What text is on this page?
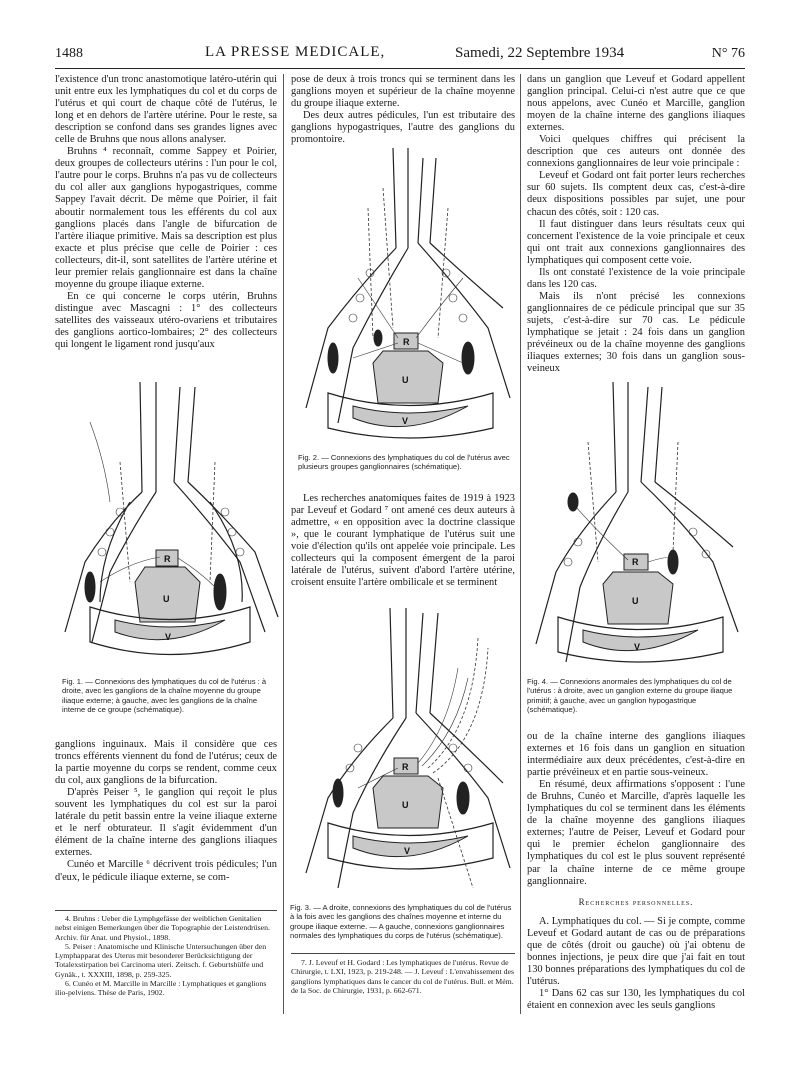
1488	LA PRESSE MEDICALE,	Samedi, 22 Septembre 1934	N° 76

l'existence d'un tronc anastomotique latéro-utérin qui unit entre eux les lymphatiques du col et du corps de l'utérus et qui court de chaque côté de l'utérus, le long et en dehors de l'artère utérine. Pour le reste, sa description se confond dans ses grandes lignes avec celle de Bruhns que nous allons analyser.

Bruhns ⁴ reconnaît, comme Sappey et Poirier, deux groupes de collecteurs utérins : l'un pour le col, l'autre pour le corps. Bruhns n'a pas vu de collecteurs du col aller aux ganglions hypogastriques, comme Sappey l'avait décrit. De même que Poirier, il fait aboutir normalement tous les efférents du col aux ganglions placés dans l'angle de bifurcation de l'artère iliaque primitive. Mais sa description est plus exacte et plus précise que celle de Poirier : ces collecteurs, dit-il, sont satellites de l'artère utérine et leur premier relais ganglionnaire est dans la chaîne moyenne du groupe iliaque externe.

En ce qui concerne le corps utérin, Bruhns distingue avec Mascagni : 1° des collecteurs satellites des vaisseaux utéro-ovariens et tributaires des ganglions aortico-lombaires; 2° des collecteurs qui longent le ligament rond jusqu'aux

R
U
V
Fig. 1. — Connexions des lymphatiques du col de l'utérus : à droite, avec les ganglions de la chaîne moyenne du groupe iliaque externe; à gauche, avec les ganglions de la chaîne interne de ce groupe (schématique).

ganglions inguinaux. Mais il considère que ces troncs efférents viennent du fond de l'utérus; ceux de la partie moyenne du corps se rendent, comme ceux du col, aux ganglions de la bifurcation.

D'après Peiser ⁵, le ganglion qui reçoit le plus souvent les lymphatiques du col est sur la paroi latérale du petit bassin entre la veine iliaque externe et le nerf obturateur. Il s'agit évidemment d'un élément de la chaîne interne des ganglions iliaques externes.

Cunéo et Marcille ⁶ décrivent trois pédicules; l'un d'eux, le pédicule iliaque externe, se com-

4. Bruhns : Ueber die Lymphgefässe der weiblichen Genitalien nebst einigen Bemerkungen über die Topographie der Leistendrüsen. Archiv. für Anat. und Physiol., 1898.

5. Peiser : Anatomische und Klinische Untersuchungen über den Lymphapparat des Uterus mit besonderer Berücksichtigung der Totalexstirpation bei Carcinoma uteri. Zeitsch. f. Geburtshülfe und Gynäk., t. XXXIII, 1898, p. 259-325.

6. Cunéo et M. Marcille in Marcille : Lymphatiques et ganglions ilio-pelviens. Thèse de Paris, 1902.

pose de deux à trois troncs qui se terminent dans les ganglions moyen et supérieur de la chaîne moyenne du groupe iliaque externe.

Des deux autres pédicules, l'un est tributaire des ganglions hypogastriques, l'autre des ganglions du promontoire.

R
U
V
Fig. 2. — Connexions des lymphatiques du col de l'utérus avec plusieurs groupes ganglionnaires (schématique).

Les recherches anatomiques faites de 1919 à 1923 par Leveuf et Godard ⁷ ont amené ces deux auteurs à admettre, « en opposition avec la doctrine classique », que le courant lymphatique de l'utérus suit une voie d'élection qu'ils ont appelée voie principale. Les collecteurs qui la composent émergent de la paroi latérale de l'utérus, suivent d'abord l'artère utérine, croisent ensuite l'artère ombilicale et se terminent

R
U
V
Fig. 3. — A droite, connexions des lymphatiques du col de l'utérus à la fois avec les ganglions des chaînes moyenne et interne du groupe iliaque externe. — A gauche, connexions ganglionnaires normales des lymphatiques du corps de l'utérus (schématique).

7. J. Leveuf et H. Godard : Les lymphatiques de l'utérus. Revue de Chirurgie, t. LXI, 1923, p. 219-248. — J. Leveuf : L'envahissement des ganglions lymphatiques dans le cancer du col de l'utérus. Bull. et Mém. de la Soc. de Chirurgie, 1931, p. 662-671.

dans un ganglion que Leveuf et Godard appellent ganglion principal. Celui-ci n'est autre que ce que nous appelons, avec Cunéo et Marcille, ganglion moyen de la chaîne interne des ganglions iliaques externes.

Voici quelques chiffres qui précisent la description que ces auteurs ont donnée des connexions ganglionnaires de leur voie principale :

Leveuf et Godard ont fait porter leurs recherches sur 60 sujets. Ils comptent deux cas, c'est-à-dire deux dispositions possibles par sujet, une pour chacun des côtés, soit : 120 cas.

Il faut distinguer dans leurs résultats ceux qui concernent l'existence de la voie principale et ceux qui ont trait aux connexions ganglionnaires des lymphatiques qui composent cette voie.

Ils ont constaté l'existence de la voie principale dans les 120 cas.

Mais ils n'ont précisé les connexions ganglionnaires de ce pédicule principal que sur 35 sujets, c'est-à-dire sur 70 cas. Le pédicule lymphatique se jetait : 24 fois dans un ganglion prévéineux ou de la chaîne moyenne des ganglions iliaques externes; 30 fois dans un ganglion sous-veineux

R
U
V
Fig. 4. — Connexions anormales des lymphatiques du col de l'utérus : à droite, avec un ganglion externe du groupe iliaque primitif; à gauche, avec un ganglion hypogastrique (schématique).

ou de la chaîne interne des ganglions iliaques externes et 16 fois dans un ganglion en situation intermédiaire aux deux précédentes, c'est-à-dire en partie prévéineux et en partie sous-veineux.

En résumé, deux affirmations s'opposent : l'une de Bruhns, Cunéo et Marcille, d'après laquelle les lymphatiques du col se terminent dans les éléments de la chaîne moyenne des ganglions iliaques externes; l'autre de Peiser, Leveuf et Godard pour qui le premier échelon ganglionnaire des lymphatiques du col est le plus souvent représenté par la chaîne interne de ce même groupe ganglionnaire.

Recherches personnelles.

A. Lymphatiques du col. — Si je compte, comme Leveuf et Godard autant de cas ou de préparations que de côtés (droit ou gauche) où j'ai obtenu de bonnes injections, je peux dire que j'ai fait en tout 130 bonnes préparations des lymphatiques du col de l'utérus.

1° Dans 62 cas sur 130, les lymphatiques du col étaient en connexion avec les seuls ganglions
